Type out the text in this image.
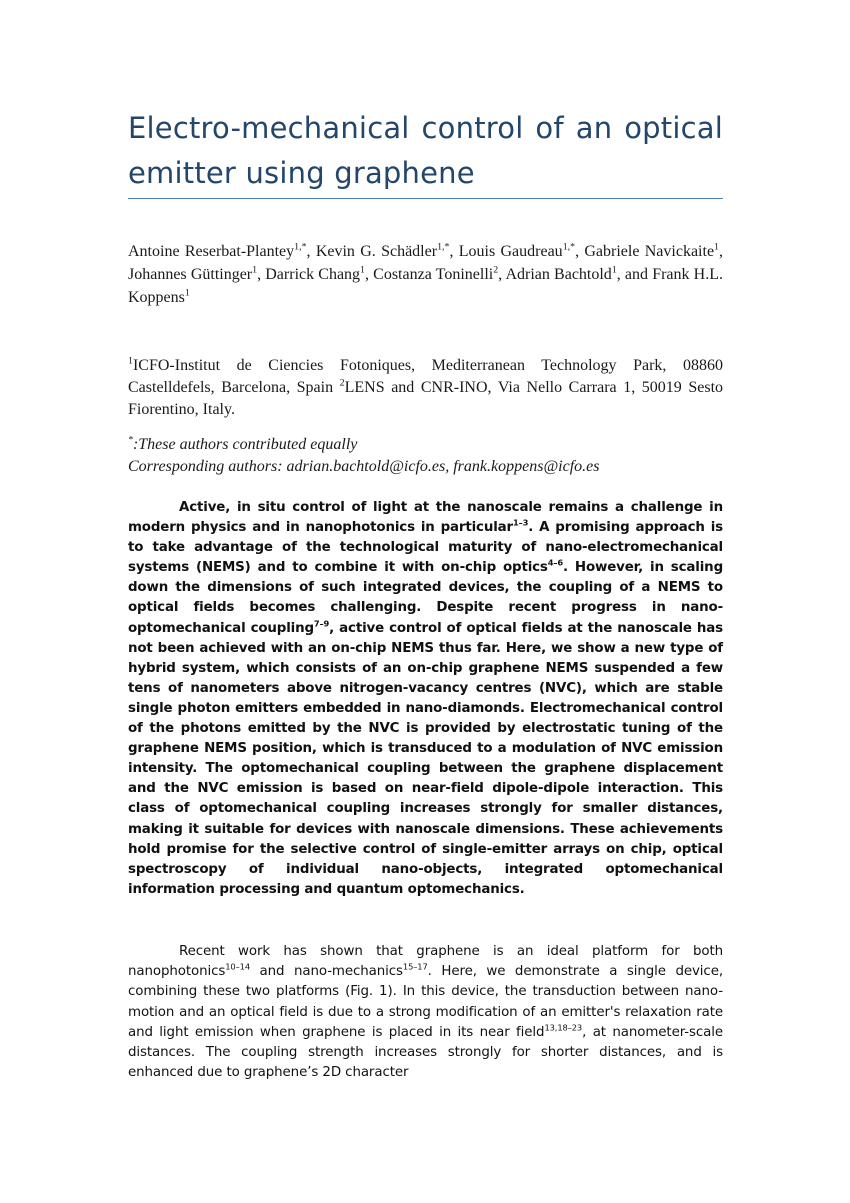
Electro-mechanical control of an optical emitter using graphene
Antoine Reserbat-Plantey$^{1,*}$, Kevin G. Schädler$^{1,*}$, Louis Gaudreau$^{1,*}$, Gabriele Navickaite$^1$, Johannes Güttinger$^1$, Darrick Chang$^1$, Costanza Toninelli$^2$, Adrian Bachtold$^1$, and Frank H.L. Koppens$^1$
$^1$ICFO-Institut de Ciencies Fotoniques, Mediterranean Technology Park, 08860 Castelldefels, Barcelona, Spain $^2$LENS and CNR-INO, Via Nello Carrara 1, 50019 Sesto Fiorentino, Italy.
*:These authors contributed equally
Corresponding authors: adrian.bachtold@icfo.es, frank.koppens@icfo.es

Active, in situ control of light at the nanoscale remains a challenge in modern physics and in nanophotonics in particular$^{1-3}$. A promising approach is to take advantage of the technological maturity of nano-electromechanical systems (NEMS) and to combine it with on-chip optics$^{4-6}$. However, in scaling down the dimensions of such integrated devices, the coupling of a NEMS to optical fields becomes challenging. Despite recent progress in nano-optomechanical coupling$^{7-9}$, active control of optical fields at the nanoscale has not been achieved with an on-chip NEMS thus far. Here, we show a new type of hybrid system, which consists of an on-chip graphene NEMS suspended a few tens of nanometers above nitrogen-vacancy centres (NVC), which are stable single photon emitters embedded in nano-diamonds. Electromechanical control of the photons emitted by the NVC is provided by electrostatic tuning of the graphene NEMS position, which is transduced to a modulation of NVC emission intensity. The optomechanical coupling between the graphene displacement and the NVC emission is based on near-field dipole-dipole interaction. This class of optomechanical coupling increases strongly for smaller distances, making it suitable for devices with nanoscale dimensions. These achievements hold promise for the selective control of single-emitter arrays on chip, optical spectroscopy of individual nano-objects, integrated optomechanical information processing and quantum optomechanics.

Recent work has shown that graphene is an ideal platform for both nanophotonics$^{10-14}$ and nano-mechanics$^{15-17}$. Here, we demonstrate a single device, combining these two platforms (Fig. 1). In this device, the transduction between nano-motion and an optical field is due to a strong modification of an emitter's relaxation rate and light emission when graphene is placed in its near field$^{13,18-23}$, at nanometer-scale distances. The coupling strength increases strongly for shorter distances, and is enhanced due to graphene’s 2D character
